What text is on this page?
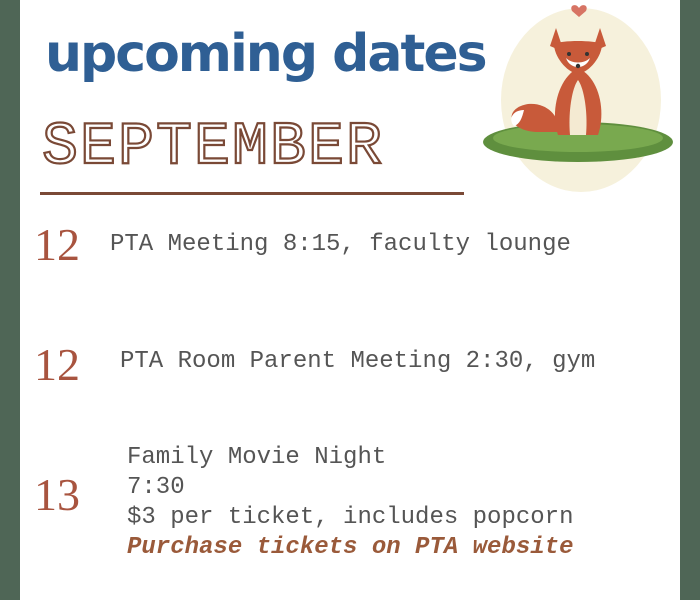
upcoming dates
SEPTEMBER
12 PTA Meeting 8:15, faculty lounge
12 PTA Room Parent Meeting 2:30, gym
13
Family Movie Night
7:30
$3 per ticket, includes popcorn
Purchase tickets on PTA website
